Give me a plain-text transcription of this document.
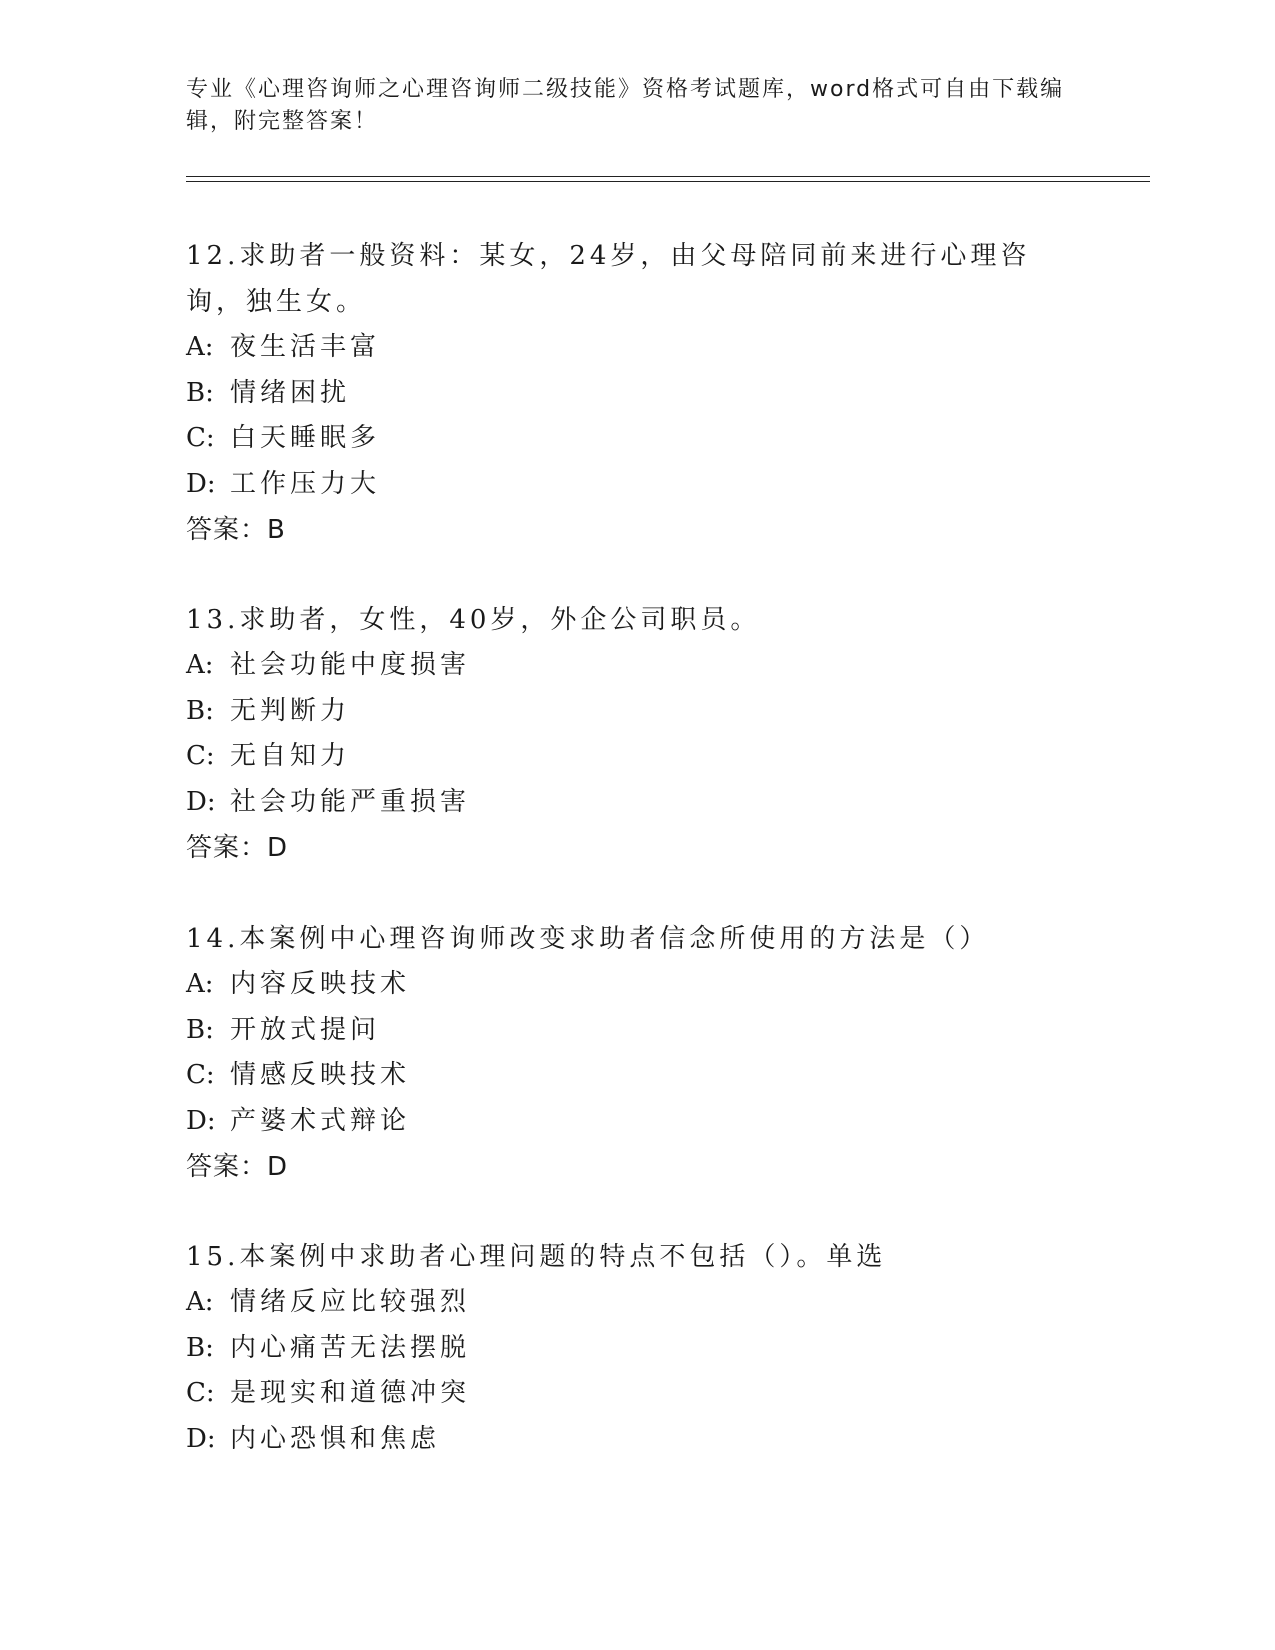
专业《心理咨询师之心理咨询师二级技能》资格考试题库，word格式可自由下载编辑，附完整答案！

12.求助者一般资料：某女，24岁，由父母陪同前来进行心理咨询，独生女。

A: 夜生活丰富

B: 情绪困扰

C: 白天睡眠多

D: 工作压力大

答案：B

13.求助者，女性，40岁，外企公司职员。

A: 社会功能中度损害

B: 无判断力

C: 无自知力

D: 社会功能严重损害

答案：D

14.本案例中心理咨询师改变求助者信念所使用的方法是（）

A: 内容反映技术

B: 开放式提问

C: 情感反映技术

D: 产婆术式辩论

答案：D

15.本案例中求助者心理问题的特点不包括（）。单选

A: 情绪反应比较强烈

B: 内心痛苦无法摆脱

C: 是现实和道德冲突

D: 内心恐惧和焦虑
